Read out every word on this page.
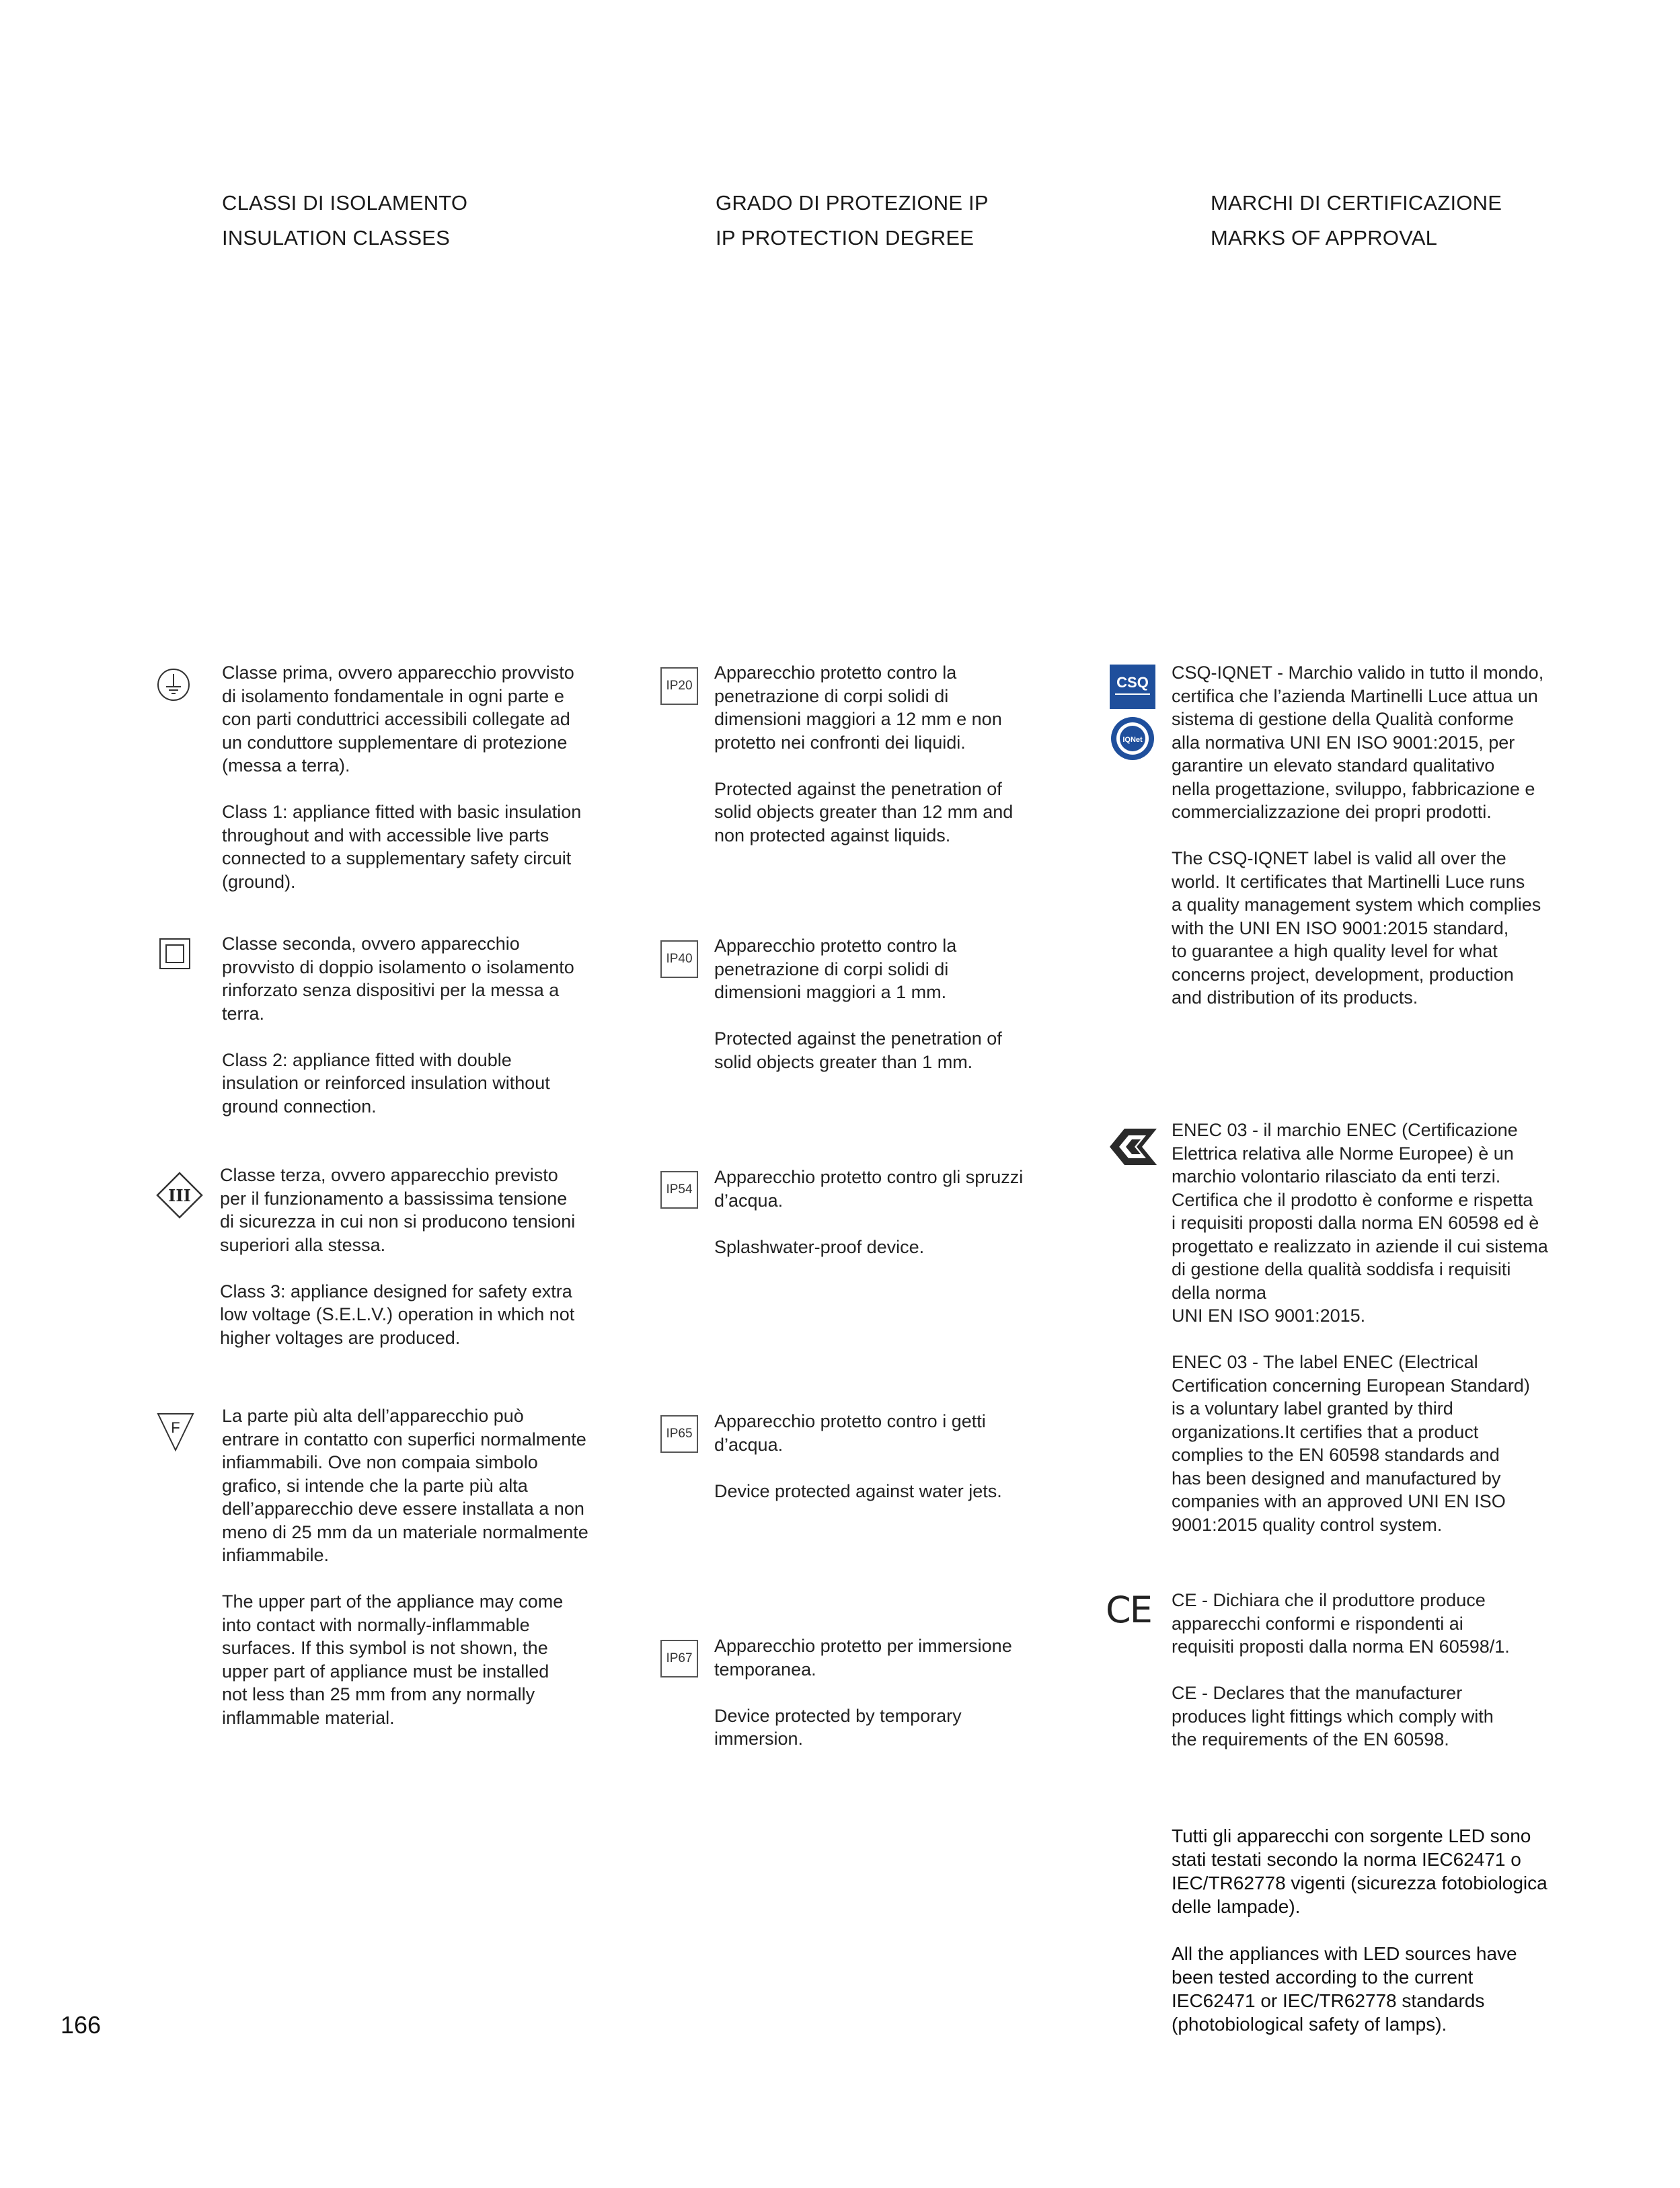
CLASSI DI ISOLAMENTO
INSULATION CLASSES
GRADO DI PROTEZIONE IP
IP PROTECTION DEGREE
MARCHI DI CERTIFICAZIONE
MARKS OF APPROVAL

Classe prima, ovvero apparecchio provvisto
di isolamento fondamentale in ogni parte e
con parti conduttrici accessibili collegate ad
un conduttore supplementare di protezione
(messa a terra).

Class 1: appliance fitted with basic insulation
throughout and with accessible live parts
connected to a supplementary safety circuit
(ground).

Classe seconda, ovvero apparecchio
provvisto di doppio isolamento o isolamento
rinforzato senza dispositivi per la messa a
terra.

Class 2: appliance fitted with double
insulation or reinforced insulation without
ground connection.

III

Classe terza, ovvero apparecchio previsto
per il funzionamento a bassissima tensione
di sicurezza in cui non si producono tensioni
superiori alla stessa.

Class 3: appliance designed for safety extra
low voltage (S.E.L.V.) operation in which not
higher voltages are produced.

F

La parte più alta dell’apparecchio può
entrare in contatto con superfici normalmente
infiammabili. Ove non compaia simbolo
grafico, si intende che la parte più alta
dell’apparecchio deve essere installata a non
meno di 25 mm da un materiale normalmente
infiammabile.

The upper part of the appliance may come
into contact with normally-inflammable
surfaces. If this symbol is not shown, the
upper part of appliance must be installed
not less than 25 mm from any normally
inflammable material.

IP20

Apparecchio protetto contro la
penetrazione di corpi solidi di
dimensioni maggiori a 12 mm e non
protetto nei confronti dei liquidi.

Protected against the penetration of
solid objects greater than 12 mm and
non protected against liquids.

IP40

Apparecchio protetto contro la
penetrazione di corpi solidi di
dimensioni maggiori a 1 mm.

Protected against the penetration of
solid objects greater than 1 mm.

IP54

Apparecchio protetto contro gli spruzzi
d’acqua.

Splashwater-proof device.

IP65

Apparecchio protetto contro i getti
d’acqua.

Device protected against water jets.

IP67

Apparecchio protetto per immersione
temporanea.

Device protected by temporary
immersion.

CSQ
IQNet

CSQ-IQNET - Marchio valido in tutto il mondo,
certifica che l’azienda Martinelli Luce attua un
sistema di gestione della Qualità conforme
alla normativa UNI EN ISO 9001:2015, per
garantire un elevato standard qualitativo
nella progettazione, sviluppo, fabbricazione e
commercializzazione dei propri prodotti.

The CSQ-IQNET label is valid all over the
world. It certificates that Martinelli Luce runs
a quality management system which complies
with the UNI EN ISO 9001:2015 standard,
to guarantee a high quality level for what
concerns project, development, production
and distribution of its products.

ENEC 03 - il marchio ENEC (Certificazione
Elettrica relativa alle Norme Europee) è un
marchio volontario rilasciato da enti terzi.
Certifica che il prodotto è conforme e rispetta
i requisiti proposti dalla norma EN 60598 ed è
progettato e realizzato in aziende il cui sistema
di gestione della qualità soddisfa i requisiti
della norma
UNI EN ISO 9001:2015.

ENEC 03 - The label ENEC (Electrical
Certification concerning European Standard)
is a voluntary label granted by third
organizations.It certifies that a product
complies to the EN 60598 standards and
has been designed and manufactured by
companies with an approved UNI EN ISO
9001:2015 quality control system.

CE CE - Dichiara che il produttore produce
apparecchi conformi e rispondenti ai
requisiti proposti dalla norma EN 60598/1.

CE - Declares that the manufacturer
produces light fittings which comply with
the requirements of the EN 60598.

Tutti gli apparecchi con sorgente LED sono
stati testati secondo la norma IEC62471 o
IEC/TR62778 vigenti (sicurezza fotobiologica
delle lampade).

All the appliances with LED sources have
been tested according to the current
IEC62471 or IEC/TR62778 standards
(photobiological safety of lamps).

166
